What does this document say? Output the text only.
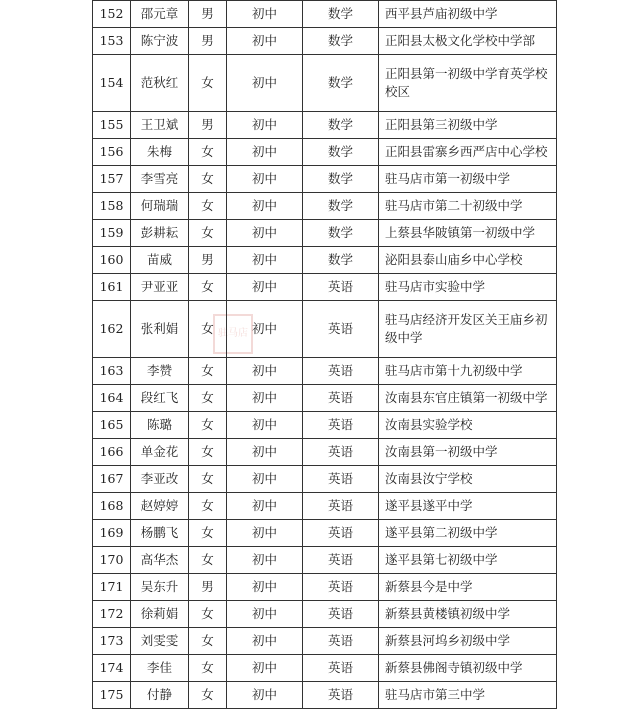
驻马店
152	邵元章	男	初中	数学	西平县芦庙初级中学
153	陈宁波	男	初中	数学	正阳县太极文化学校中学部
154	范秋红	女	初中	数学	正阳县第一初级中学育英学校校区
155	王卫斌	男	初中	数学	正阳县第三初级中学
156	朱梅	女	初中	数学	正阳县雷寨乡西严店中心学校
157	李雪亮	女	初中	数学	驻马店市第一初级中学
158	何瑞瑞	女	初中	数学	驻马店市第二十初级中学
159	彭耕耘	女	初中	数学	上蔡县华陂镇第一初级中学
160	苗威	男	初中	数学	泌阳县泰山庙乡中心学校
161	尹亚亚	女	初中	英语	驻马店市实验中学
162	张利娟	女	初中	英语	驻马店经济开发区关王庙乡初级中学
163	李赞	女	初中	英语	驻马店市第十九初级中学
164	段红飞	女	初中	英语	汝南县东官庄镇第一初级中学
165	陈璐	女	初中	英语	汝南县实验学校
166	单金花	女	初中	英语	汝南县第一初级中学
167	李亚改	女	初中	英语	汝南县汝宁学校
168	赵婷婷	女	初中	英语	遂平县遂平中学
169	杨鹏飞	女	初中	英语	遂平县第二初级中学
170	高华杰	女	初中	英语	遂平县第七初级中学
171	吴东升	男	初中	英语	新蔡县今是中学
172	徐莉娟	女	初中	英语	新蔡县黄楼镇初级中学
173	刘雯雯	女	初中	英语	新蔡县河坞乡初级中学
174	李佳	女	初中	英语	新蔡县佛阁寺镇初级中学
175	付静	女	初中	英语	驻马店市第三中学
